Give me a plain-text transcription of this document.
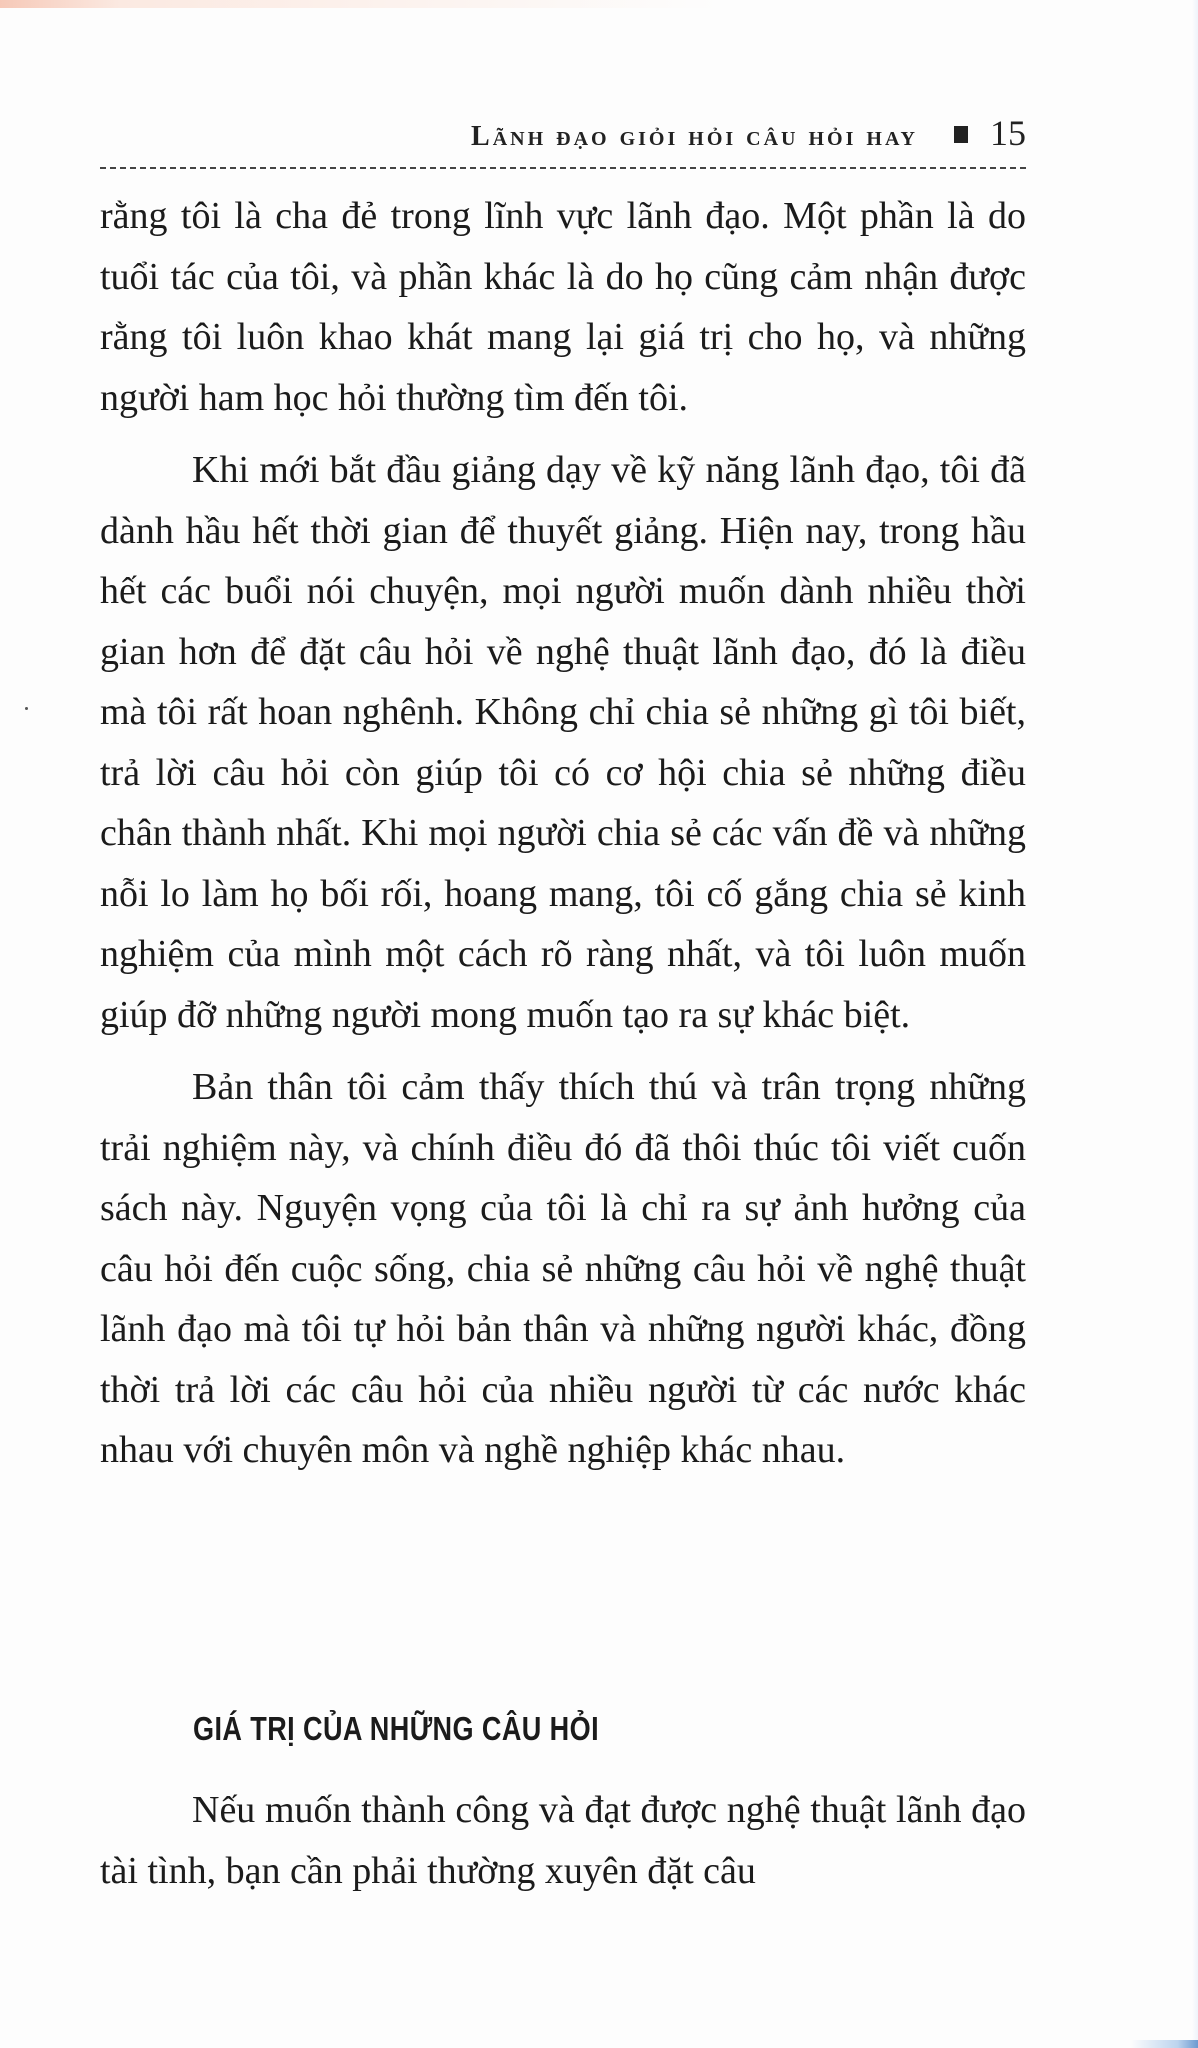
Lãnh đạo giỏi hỏi câu hỏi hay 15

rằng tôi là cha đẻ trong lĩnh vực lãnh đạo. Một phần là do tuổi tác của tôi, và phần khác là do họ cũng cảm nhận được rằng tôi luôn khao khát mang lại giá trị cho họ, và những người ham học hỏi thường tìm đến tôi.

Khi mới bắt đầu giảng dạy về kỹ năng lãnh đạo, tôi đã dành hầu hết thời gian để thuyết giảng. Hiện nay, trong hầu hết các buổi nói chuyện, mọi người muốn dành nhiều thời gian hơn để đặt câu hỏi về nghệ thuật lãnh đạo, đó là điều mà tôi rất hoan nghênh. Không chỉ chia sẻ những gì tôi biết, trả lời câu hỏi còn giúp tôi có cơ hội chia sẻ những điều chân thành nhất. Khi mọi người chia sẻ các vấn đề và những nỗi lo làm họ bối rối, hoang mang, tôi cố gắng chia sẻ kinh nghiệm của mình một cách rõ ràng nhất, và tôi luôn muốn giúp đỡ những người mong muốn tạo ra sự khác biệt.

Bản thân tôi cảm thấy thích thú và trân trọng những trải nghiệm này, và chính điều đó đã thôi thúc tôi viết cuốn sách này. Nguyện vọng của tôi là chỉ ra sự ảnh hưởng của câu hỏi đến cuộc sống, chia sẻ những câu hỏi về nghệ thuật lãnh đạo mà tôi tự hỏi bản thân và những người khác, đồng thời trả lời các câu hỏi của nhiều người từ các nước khác nhau với chuyên môn và nghề nghiệp khác nhau.

GIÁ TRỊ CỦA NHỮNG CÂU HỎI

Nếu muốn thành công và đạt được nghệ thuật lãnh đạo tài tình, bạn cần phải thường xuyên đặt câu
